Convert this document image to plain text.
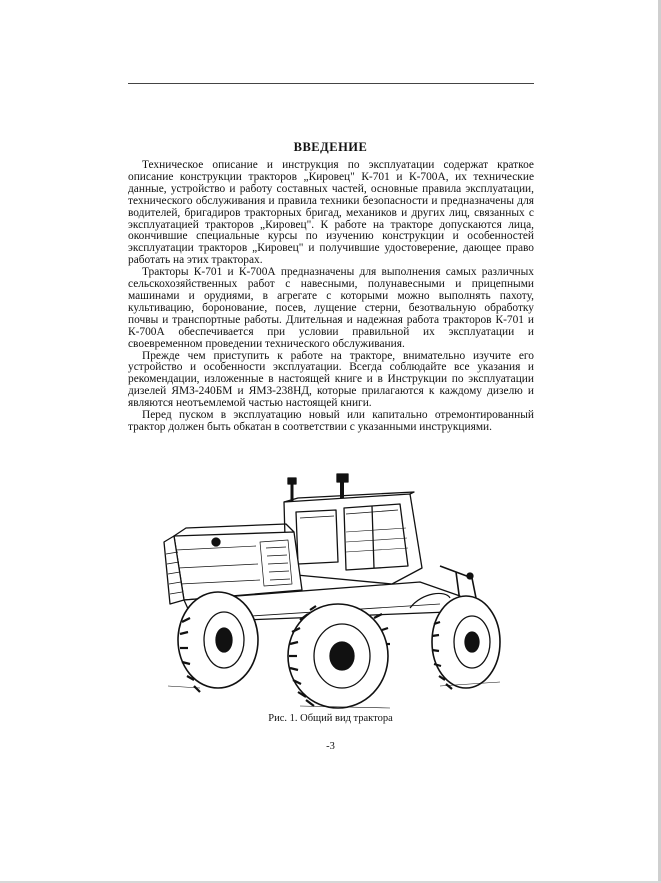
ВВЕДЕНИЕ

Техническое описание и инструкция по эксплуатации содержат краткое описание конструкции тракторов „Кировец" К-701 и К-700А, их технические данные, устройство и работу составных частей, основные правила эксплуатации, технического обслуживания и правила техники безопасности и предназначены для водителей, бригадиров тракторных бригад, механиков и других лиц, связанных с эксплуатацией тракторов „Кировец". К работе на тракторе допускаются лица, окончившие специальные курсы по изучению конструкции и особенностей эксплуатации тракторов „Кировец" и получившие удостоверение, дающее право работать на этих тракторах.

Тракторы К-701 и К-700А предназначены для выполнения самых различных сельскохозяйственных работ с навесными, полунавесными и прицепными машинами и орудиями, в агрегате с которыми можно выполнять пахоту, культивацию, боронование, посев, лущение стерни, безотвальную обработку почвы и транспортные работы. Длительная и надежная работа тракторов К-701 и К-700А обеспечивается при условии правильной их эксплуатации и своевременном проведении технического обслуживания.

Прежде чем приступить к работе на тракторе, внимательно изучите его устройство и особенности эксплуатации. Всегда соблюдайте все указания и рекомендации, изложенные в настоящей книге и в Инструкции по эксплуатации дизелей ЯМЗ-240БМ и ЯМЗ-238НД, которые прилагаются к каждому дизелю и являются неотъемлемой частью настоящей книги.

Перед пуском в эксплуатацию новый или капитально отремонтированный трактор должен быть обкатан в соответствии с указанными инструкциями.

Рис. 1. Общий вид трактора
-3
